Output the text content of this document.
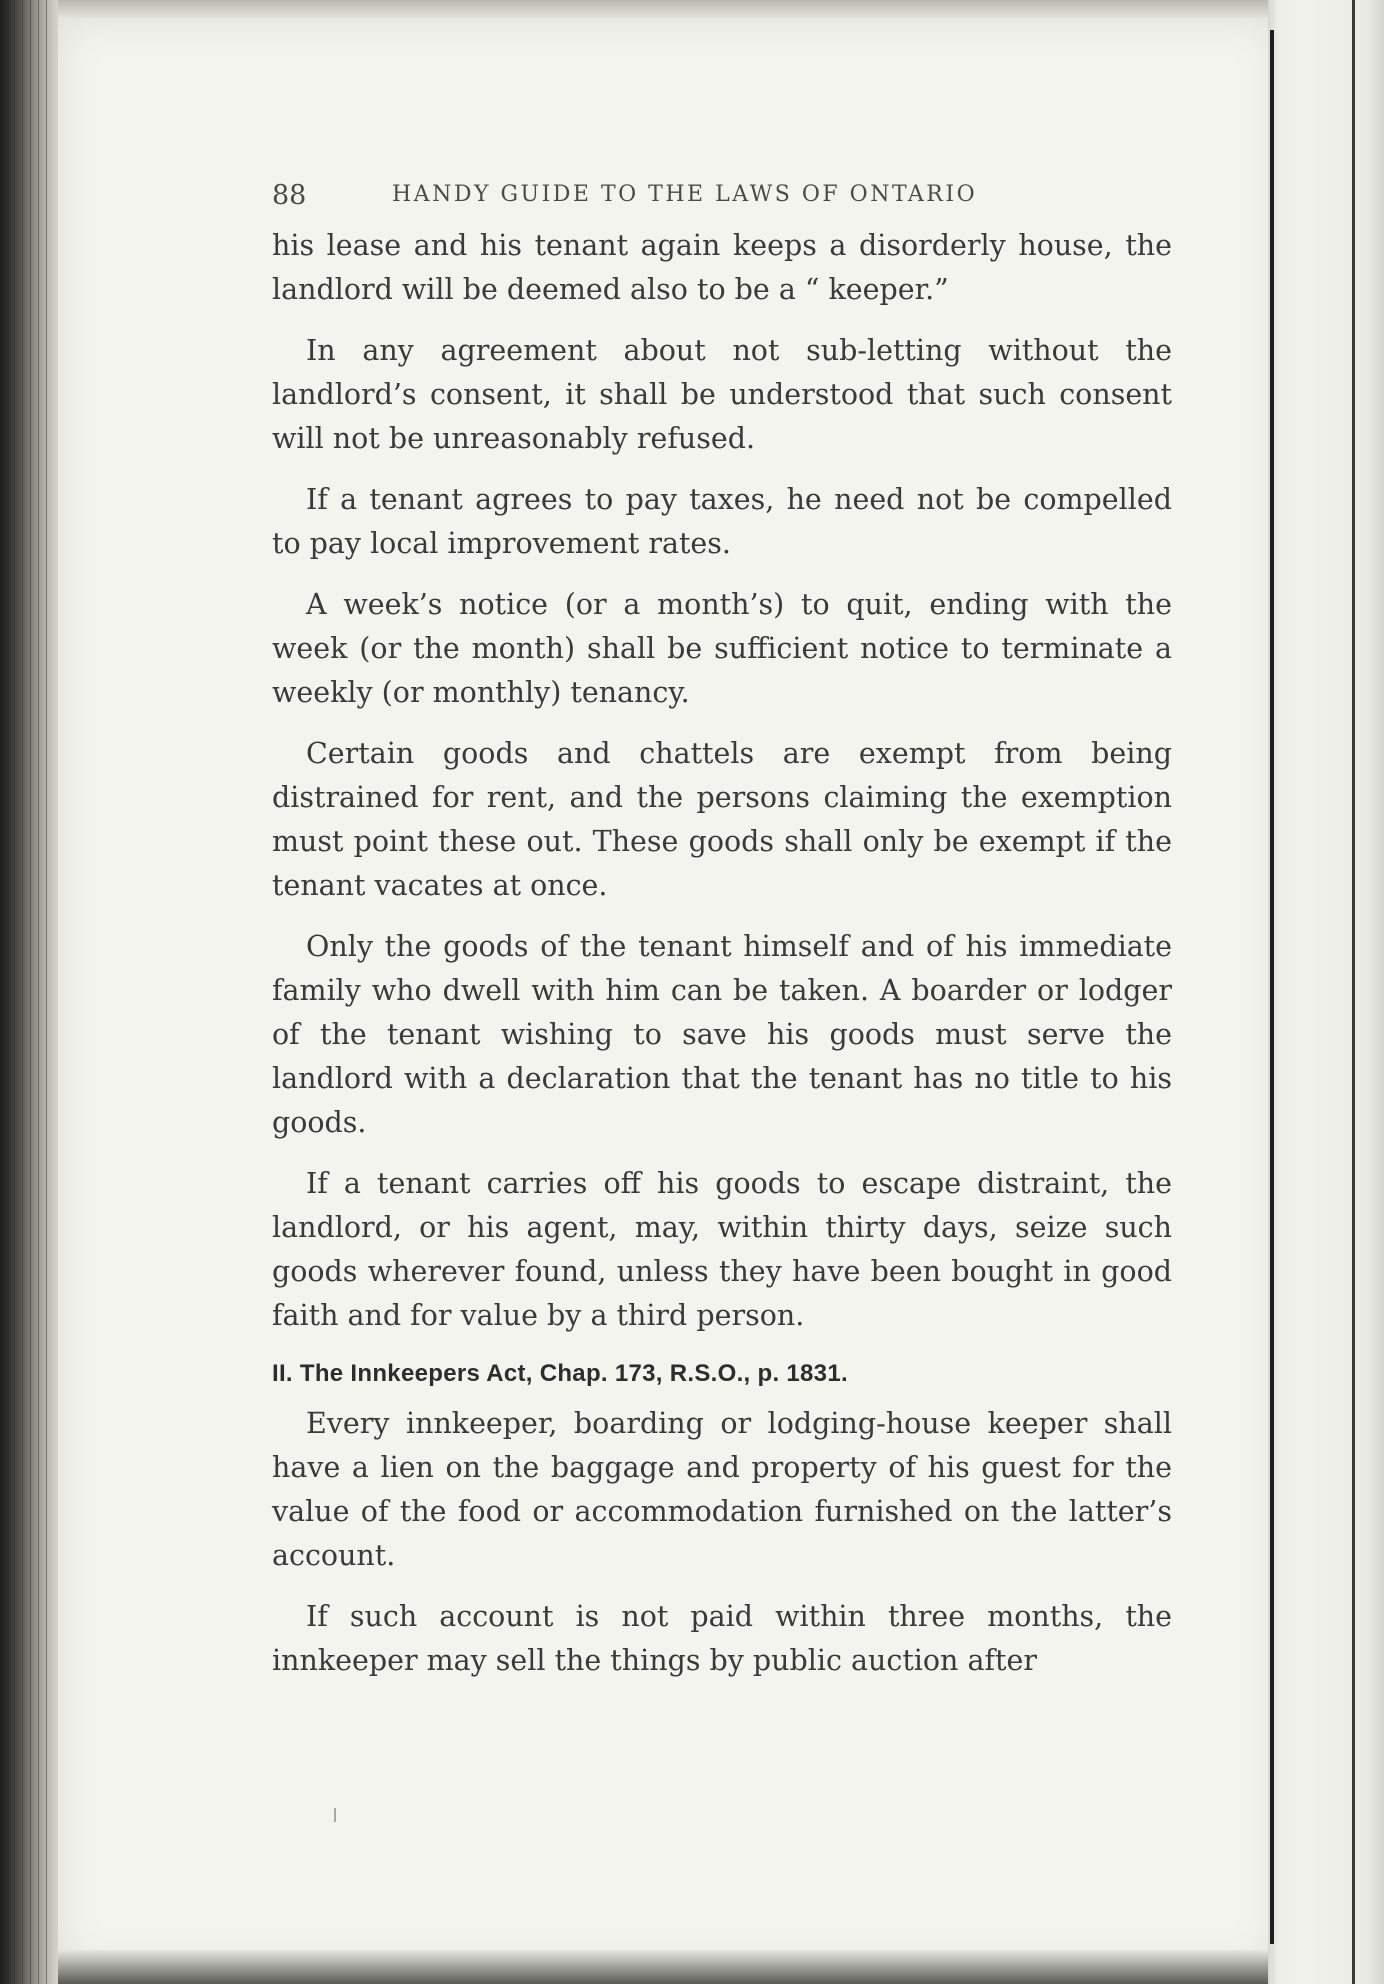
88	HANDY GUIDE TO THE LAWS OF ONTARIO

his lease and his tenant again keeps a disorderly house, the landlord will be deemed also to be a “ keeper.”

In any agreement about not sub-letting without the landlord’s consent, it shall be understood that such consent will not be unreasonably refused.

If a tenant agrees to pay taxes, he need not be compelled to pay local improvement rates.

A week’s notice (or a month’s) to quit, ending with the week (or the month) shall be sufficient notice to terminate a weekly (or monthly) tenancy.

Certain goods and chattels are exempt from being distrained for rent, and the persons claiming the exemption must point these out. These goods shall only be exempt if the tenant vacates at once.

Only the goods of the tenant himself and of his immediate family who dwell with him can be taken. A boarder or lodger of the tenant wishing to save his goods must serve the landlord with a declaration that the tenant has no title to his goods.

If a tenant carries off his goods to escape distraint, the landlord, or his agent, may, within thirty days, seize such goods wherever found, unless they have been bought in good faith and for value by a third person.

II. The Innkeepers Act, Chap. 173, R.S.O., p. 1831.

Every innkeeper, boarding or lodging-house keeper shall have a lien on the baggage and property of his guest for the value of the food or accommodation furnished on the latter’s account.

If such account is not paid within three months, the innkeeper may sell the things by public auction after
